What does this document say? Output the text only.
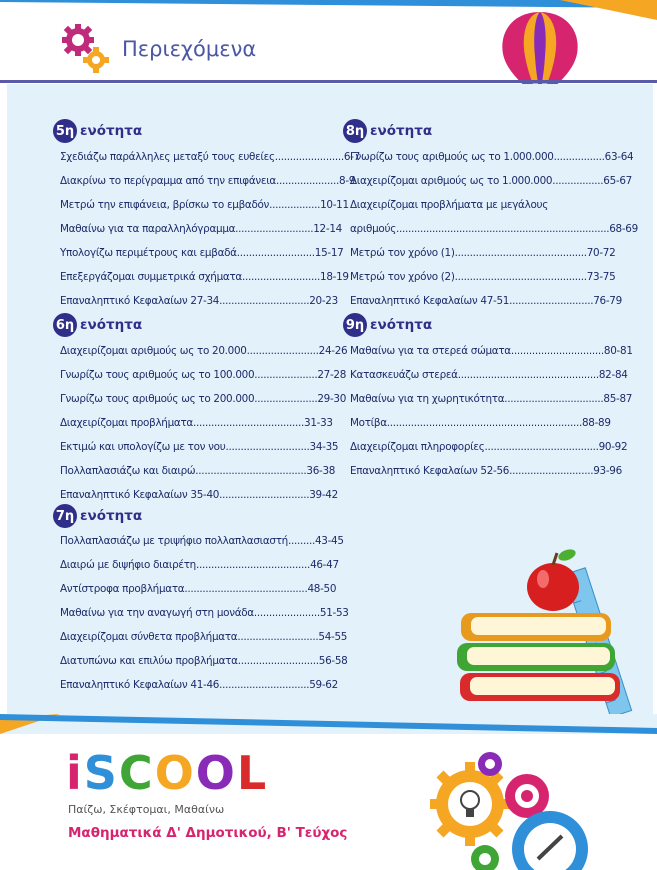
Περιεχόμενα
5η ενότητα
Σχεδιάζω παράλληλες μεταξύ τους ευθείες.......................6-7
Διακρίνω το περίγραμμα από την επιφάνεια.....................8-9
Μετρώ την επιφάνεια, βρίσκω το εμβαδόν.................10-11
Μαθαίνω για τα παραλληλόγραμμα..........................12-14
Υπολογίζω περιμέτρους και εμβαδά..........................15-17
Επεξεργάζομαι συμμετρικά σχήματα..........................18-19
Επαναληπτικό Κεφαλαίων 27-34..............................20-23
6η ενότητα
Διαχειρίζομαι αριθμούς ως το 20.000........................24-26
Γνωρίζω τους αριθμούς ως το 100.000.....................27-28
Γνωρίζω τους αριθμούς ως το 200.000.....................29-30
Διαχειρίζομαι προβλήματα.....................................31-33
Εκτιμώ και υπολογίζω με τον νου............................34-35
Πολλαπλασιάζω και διαιρώ.....................................36-38
Επαναληπτικό Κεφαλαίων 35-40..............................39-42
7η ενότητα
Πολλαπλασιάζω με τριψήφιο πολλαπλασιαστή.........43-45
Διαιρώ με διψήφιο διαιρέτη......................................46-47
Αντίστροφα προβλήματα.........................................48-50
Μαθαίνω για την αναγωγή στη μονάδα......................51-53
Διαχειρίζομαι σύνθετα προβλήματα...........................54-55
Διατυπώνω και επιλύω προβλήματα...........................56-58
Επαναληπτικό Κεφαλαίων 41-46..............................59-62
8η ενότητα
Γνωρίζω τους αριθμούς ως το 1.000.000.................63-64
Διαχειρίζομαι αριθμούς ως το 1.000.000.................65-67
Διαχειρίζομαι προβλήματα με μεγάλους
αριθμούς.......................................................................68-69
Μετρώ τον χρόνο (1)............................................70-72
Μετρώ τον χρόνο (2)............................................73-75
Επαναληπτικό Κεφαλαίων 47-51............................76-79
9η ενότητα
Μαθαίνω για τα στερεά σώματα...............................80-81
Κατασκευάζω στερεά...............................................82-84
Μαθαίνω για τη χωρητικότητα.................................85-87
Μοτίβα.................................................................88-89
Διαχειρίζομαι πληροφορίες......................................90-92
Επαναληπτικό Κεφαλαίων 52-56............................93-96
iSCOOL
Παίζω, Σκέφτομαι, Μαθαίνω
Μαθηματικά Δ' Δημοτικού, Β' Τεύχος
